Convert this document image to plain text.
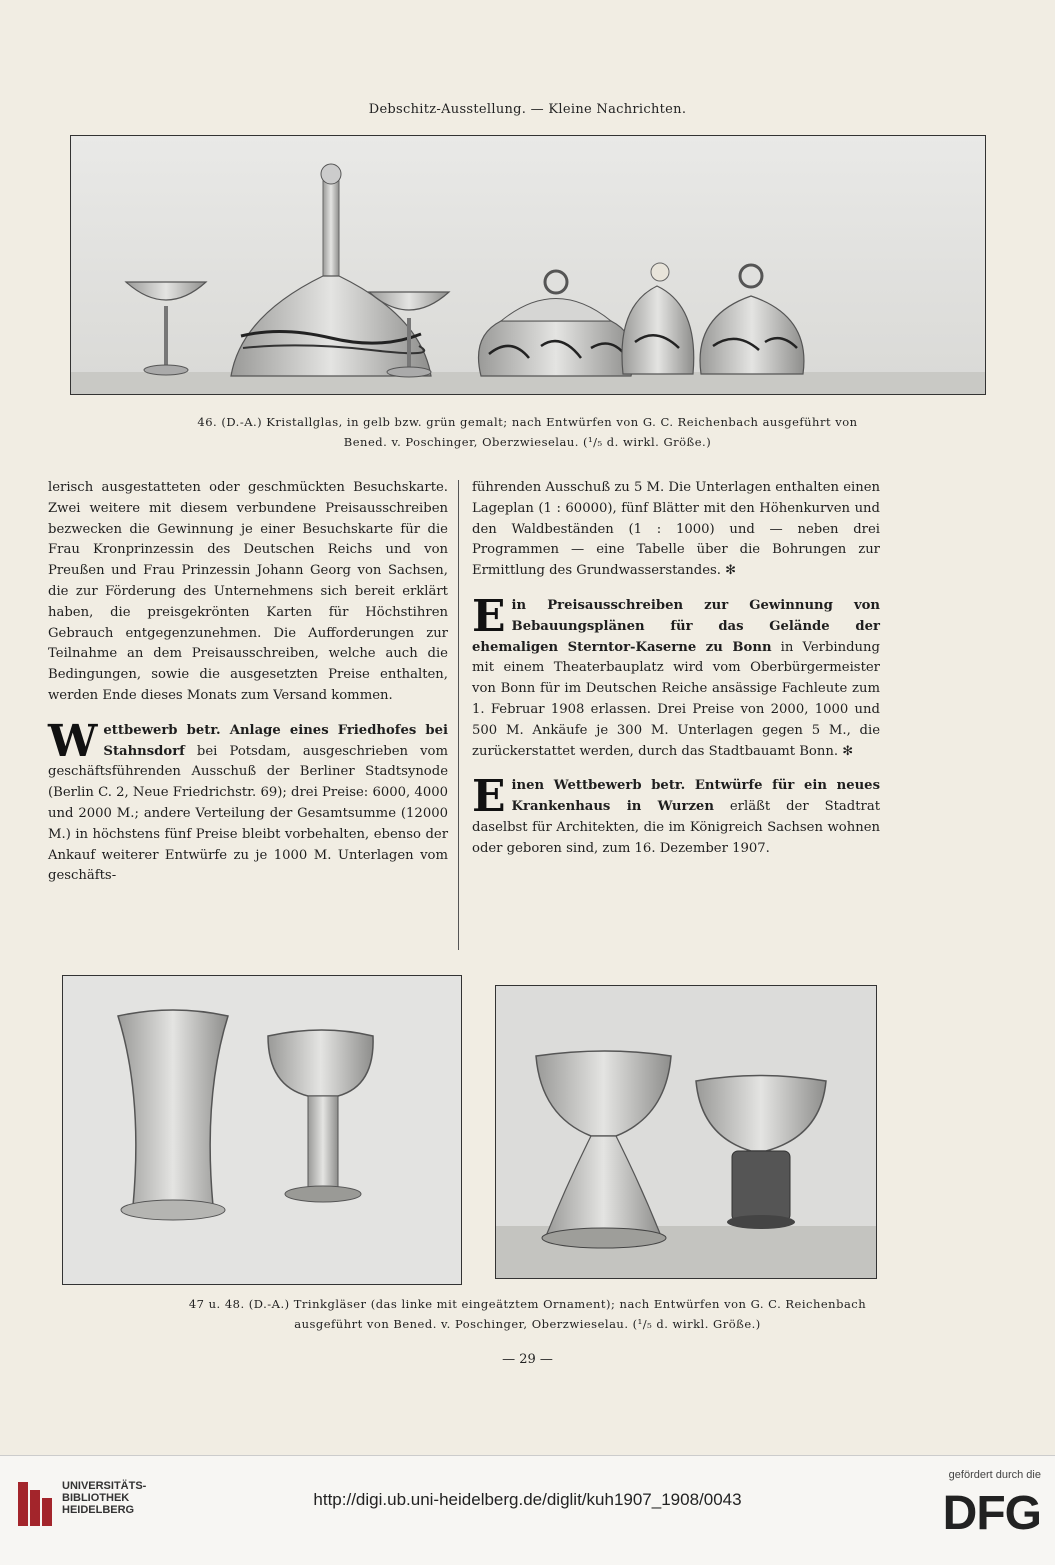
Debschitz-Ausstellung. — Kleine Nachrichten.
46. (D.-A.) Kristallglas, in gelb bzw. grün gemalt; nach Entwürfen von G. C. Reichenbach ausgeführt von
Bened. v. Poschinger, Oberzwieselau. (¹/₅ d. wirkl. Größe.)

lerisch ausgestatteten oder geschmückten Besuchskarte. Zwei weitere mit diesem verbundene Preisausschreiben bezwecken die Gewinnung je einer Besuchskarte für die Frau Kronprinzessin des Deutschen Reichs und von Preußen und Frau Prinzessin Johann Georg von Sachsen, die zur Förderung des Unternehmens sich bereit erklärt haben, die preisgekrönten Karten für Höchstihren Gebrauch entgegenzunehmen. Die Aufforderungen zur Teilnahme an dem Preisausschreiben, welche auch die Bedingungen, sowie die ausgesetzten Preise enthalten, werden Ende dieses Monats zum Versand kommen.

Wettbewerb betr. Anlage eines Friedhofes bei Stahnsdorf bei Potsdam, ausgeschrieben vom geschäftsführenden Ausschuß der Berliner Stadtsynode (Berlin C. 2, Neue Friedrichstr. 69); drei Preise: 6000, 4000 und 2000 M.; andere Verteilung der Gesamtsumme (12000 M.) in höchstens fünf Preise bleibt vorbehalten, ebenso der Ankauf weiterer Entwürfe zu je 1000 M. Unterlagen vom geschäfts-

führenden Ausschuß zu 5 M. Die Unterlagen enthalten einen Lageplan (1 : 60000), fünf Blätter mit den Höhenkurven und den Waldbeständen (1 : 1000) und — neben drei Programmen — eine Tabelle über die Bohrungen zur Ermittlung des Grundwasserstandes. ✻

Ein Preisausschreiben zur Gewinnung von Bebauungsplänen für das Gelände der ehemaligen Sterntor-Kaserne zu Bonn in Verbindung mit einem Theaterbauplatz wird vom Oberbürgermeister von Bonn für im Deutschen Reiche ansässige Fachleute zum 1. Februar 1908 erlassen. Drei Preise von 2000, 1000 und 500 M. Ankäufe je 300 M. Unterlagen gegen 5 M., die zurückerstattet werden, durch das Stadtbauamt Bonn. ✻

Einen Wettbewerb betr. Entwürfe für ein neues Krankenhaus in Wurzen erläßt der Stadtrat daselbst für Architekten, die im Königreich Sachsen wohnen oder geboren sind, zum 16. Dezember 1907.

47 u. 48. (D.-A.) Trinkgläser (das linke mit eingeätztem Ornament); nach Entwürfen von G. C. Reichenbach
ausgeführt von Bened. v. Poschinger, Oberzwieselau. (¹/₅ d. wirkl. Größe.)
— 29 —
UNIVERSITÄTS-
BIBLIOTHEK
HEIDELBERG
http://digi.ub.uni-heidelberg.de/diglit/kuh1907_1908/0043
gefördert durch die
DFG
